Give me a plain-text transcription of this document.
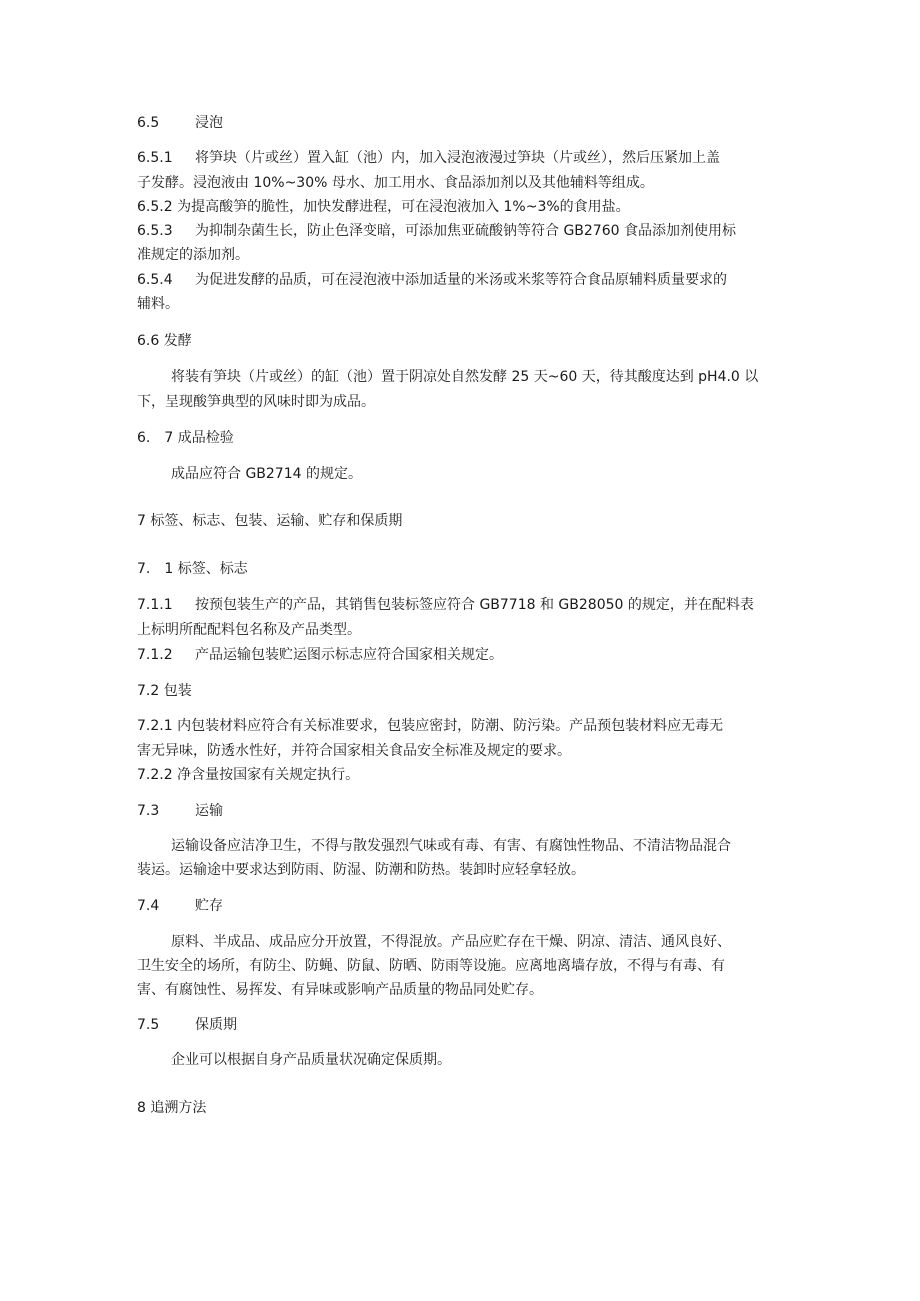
6.5	浸泡
6.5.1 将笋块（片或丝）置入缸（池）内，加入浸泡液漫过笋块（片或丝），然后压紧加上盖
子发酵。浸泡液由 10%~30% 母水、加工用水、食品添加剂以及其他辅料等组成。
6.5.2 为提高酸笋的脆性，加快发酵进程，可在浸泡液加入 1%~3%的食用盐。
6.5.3 为抑制杂菌生长，防止色泽变暗，可添加焦亚硫酸钠等符合 GB2760 食品添加剂使用标
准规定的添加剂。
6.5.4 为促进发酵的品质，可在浸泡液中添加适量的米汤或米浆等符合食品原辅料质量要求的
辅料。
6.6 发酵
将装有笋块（片或丝）的缸（池）置于阴凉处自然发酵 25 天~60 天，待其酸度达到 pH4.0 以
下，呈现酸笋典型的风味时即为成品。
6.　7 成品检验
成品应符合 GB2714 的规定。
7 标签、标志、包装、运输、贮存和保质期
7.　1 标签、标志
7.1.1 按预包装生产的产品，其销售包装标签应符合 GB7718 和 GB28050 的规定，并在配料表
上标明所配配料包名称及产品类型。
7.1.2 产品运输包装贮运图示标志应符合国家相关规定。
7.2 包装
7.2.1 内包装材料应符合有关标准要求，包装应密封，防潮、防污染。产品预包装材料应无毒无
害无异味，防透水性好，并符合国家相关食品安全标准及规定的要求。
7.2.2 净含量按国家有关规定执行。
7.3	运输
运输设备应洁净卫生，不得与散发强烈气味或有毒、有害、有腐蚀性物品、不清洁物品混合
装运。运输途中要求达到防雨、防湿、防潮和防热。装卸时应轻拿轻放。
7.4	贮存
原料、半成品、成品应分开放置，不得混放。产品应贮存在干燥、阴凉、清洁、通风良好、
卫生安全的场所，有防尘、防蝇、防鼠、防晒、防雨等设施。应离地离墙存放，不得与有毒、有
害、有腐蚀性、易挥发、有异味或影响产品质量的物品同处贮存。
7.5	保质期
企业可以根据自身产品质量状况确定保质期。
8 追溯方法
